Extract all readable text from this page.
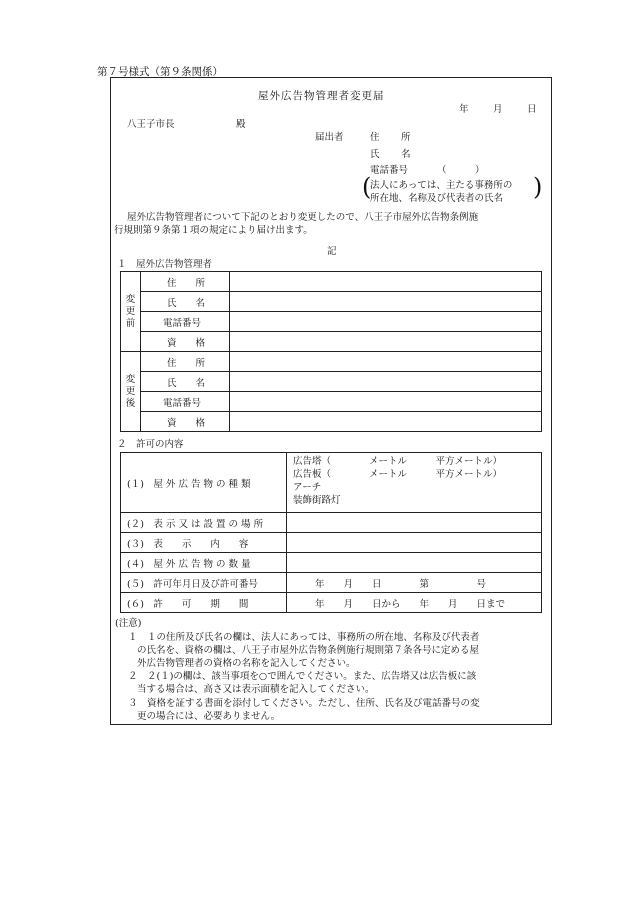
第７号様式（第９条関係）
屋外広告物管理者変更届
年	月	日
八王子市長	殿
届出者	住　所
氏　名
電話番号	（　　　）
(
法人にあっては、主たる事務所の
所在地、名称及び代表者の氏名 )
屋外広告物管理者について下記のとおり変更したので、八王子市屋外広告物条例施
行規則第９条第１項の規定により届け出ます。
記
１　屋外広告物管理者
変
更
前	住　　所	
	氏　　名	
	電話番号	
	資　　格	
変
更
後	住　　所	
	氏　　名	
	電話番号	
	資　　格	
２　許可の内容
(１)　屋 外 広 告 物 の 種 類	広告塔（　　　　メートル　　　平方メートル）
広告板（　　　　メートル　　　平方メートル）
アーチ
装飾街路灯

(２)　表 示 又 は 設 置 の 場 所	
(３)　表　　示　　内　　容	
(４)　屋 外 広 告 物 の 数 量	
(５)　許可年月日及び許可番号	年　　月　　日　　　　第　　　　　号
(６)　許　　可　　期　　間	年　　月　　日から　　年　　月　　日まで
(注意)
１　１の住所及び氏名の欄は、法人にあっては、事務所の所在地、名称及び代表者
の氏名を、資格の欄は、八王子市屋外広告物条例施行規則第７条各号に定める屋
外広告物管理者の資格の名称を記入してください。
２　２(１)の欄は、該当事項を○で囲んでください。また、広告塔又は広告板に該
当する場合は、高さ又は表示面積を記入してください。
３　資格を証する書面を添付してください。ただし、住所、氏名及び電話番号の変
更の場合には、必要ありません。
